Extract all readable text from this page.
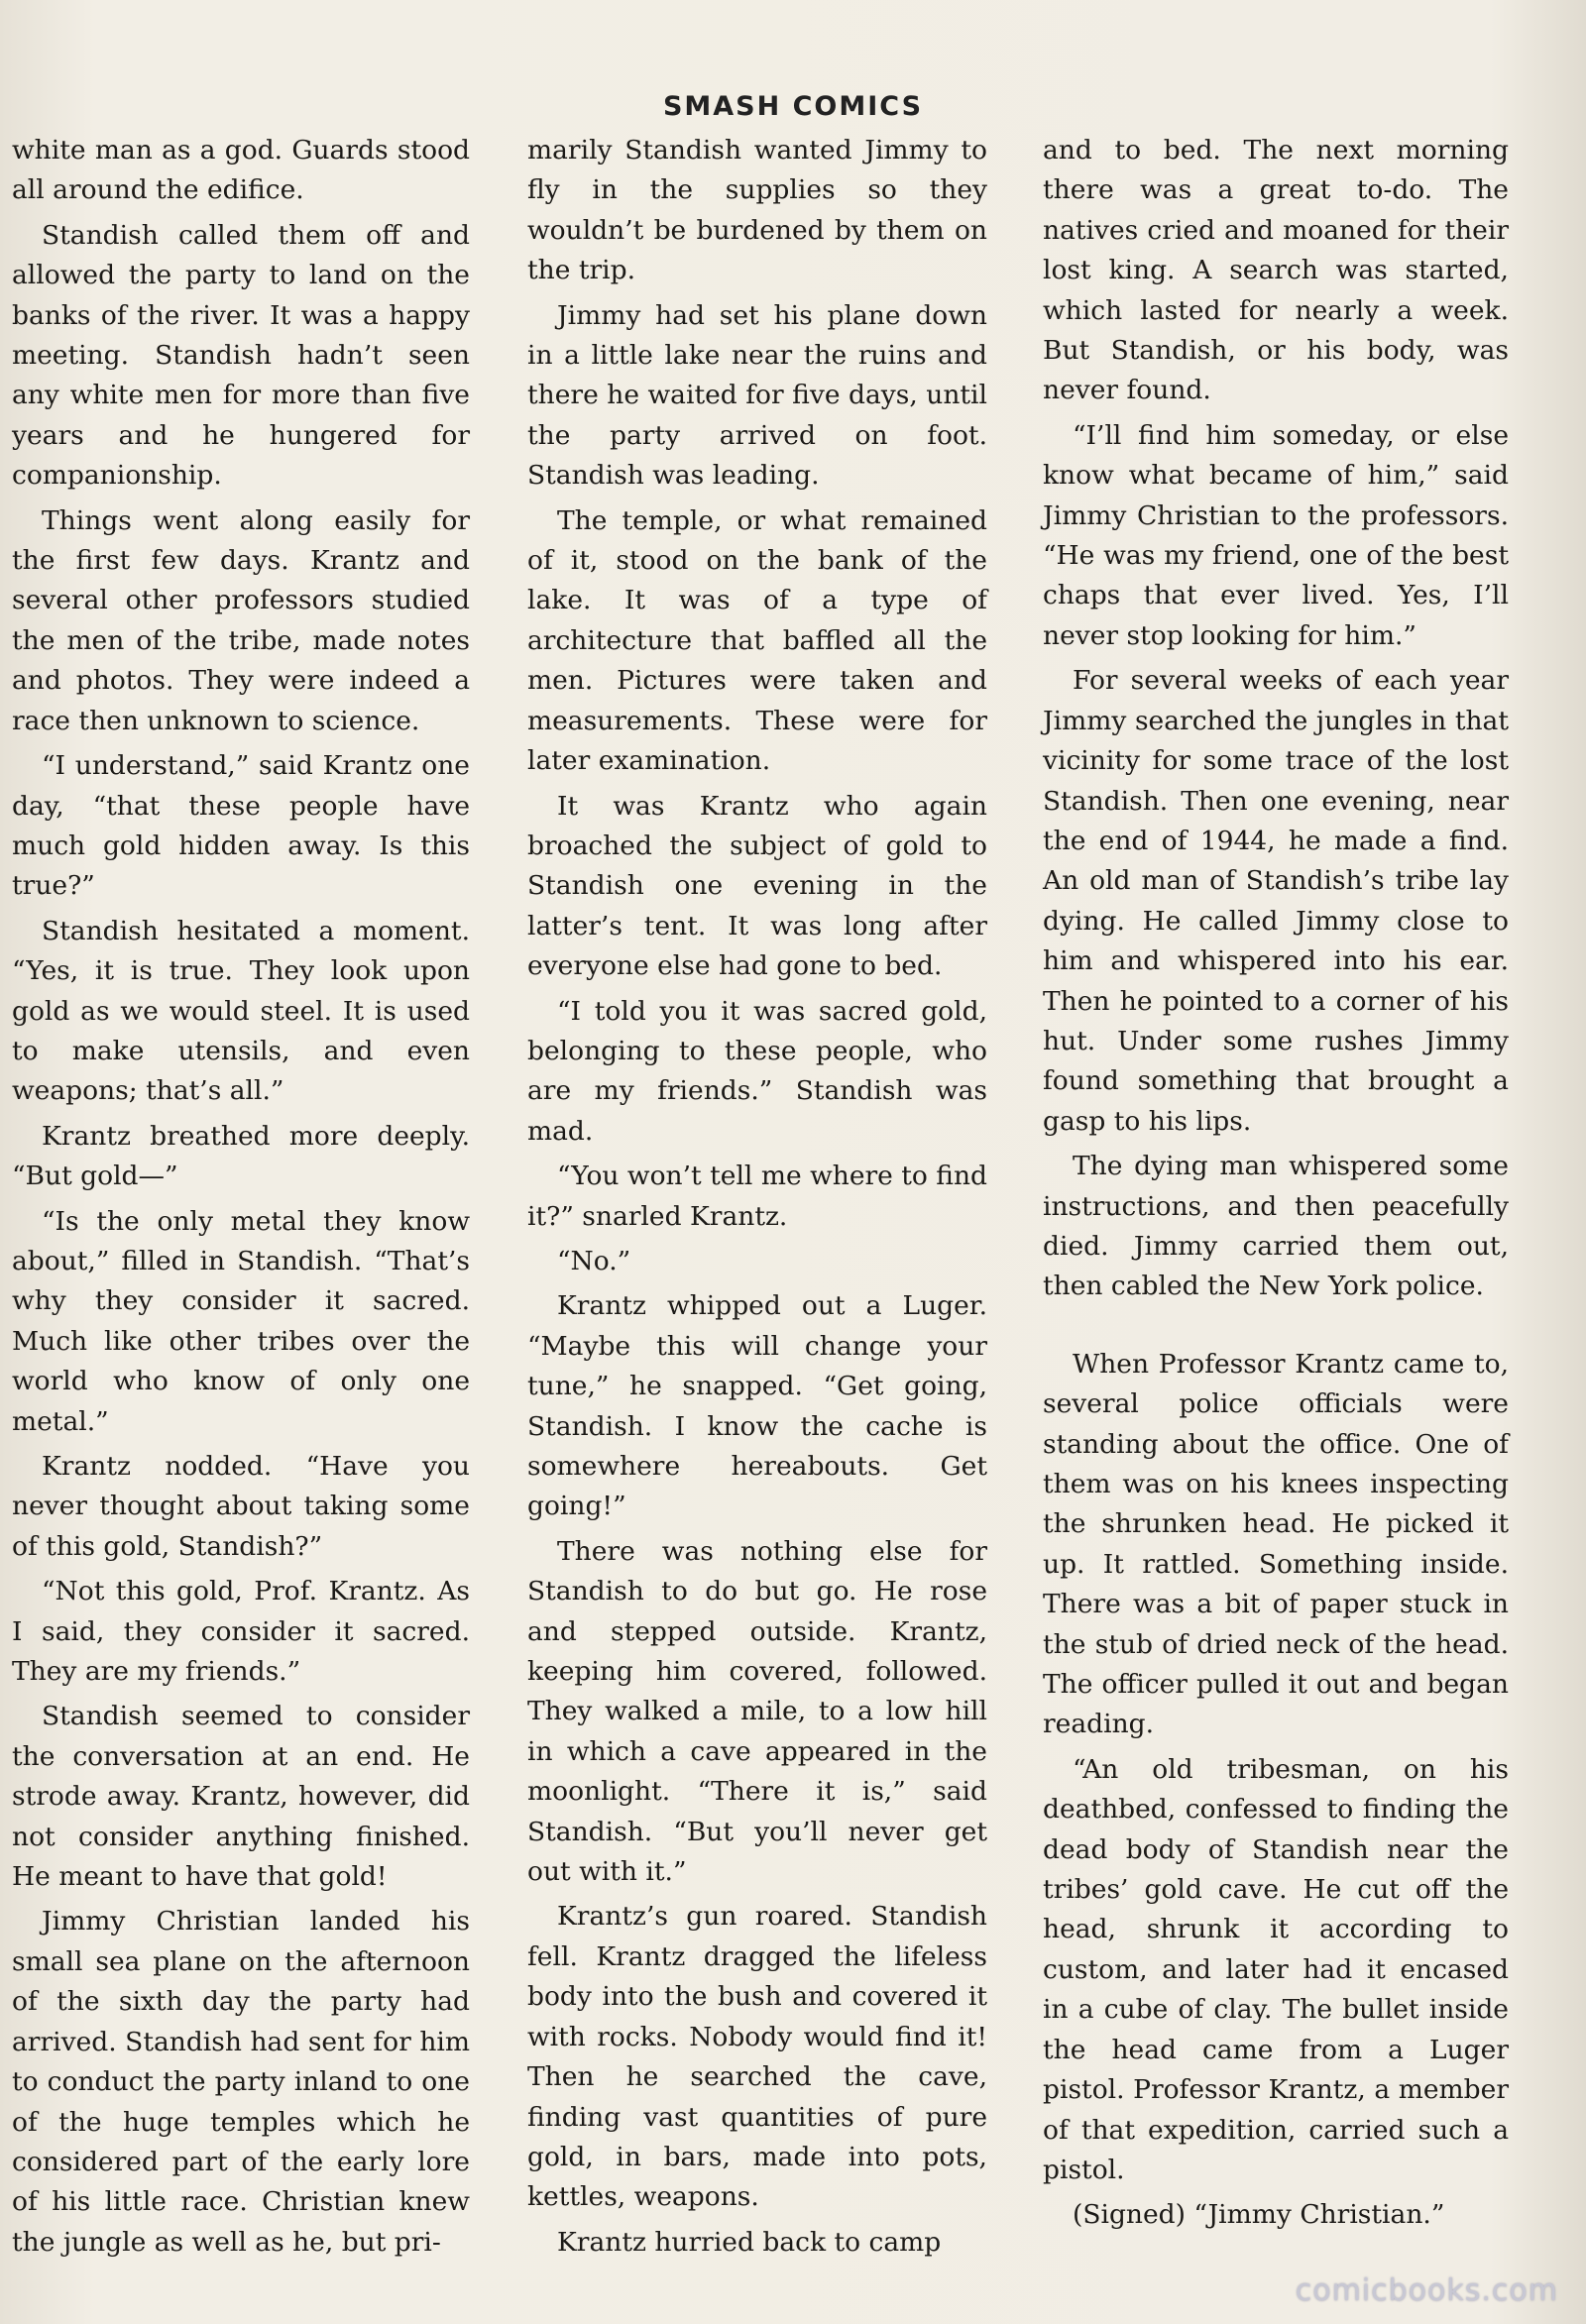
SMASH COMICS

white man as a god. Guards stood all around the edifice.

Standish called them off and allowed the party to land on the banks of the river. It was a happy meeting. Standish hadn’t seen any white men for more than five years and he hungered for companionship.

Things went along easily for the first few days. Krantz and several other professors studied the men of the tribe, made notes and photos. They were indeed a race then unknown to science.

“I understand,” said Krantz one day, “that these people have much gold hidden away. Is this true?”

Standish hesitated a moment. “Yes, it is true. They look upon gold as we would steel. It is used to make utensils, and even weapons; that’s all.”

Krantz breathed more deeply. “But gold—”

“Is the only metal they know about,” filled in Standish. “That’s why they consider it sacred. Much like other tribes over the world who know of only one metal.”

Krantz nodded. “Have you never thought about taking some of this gold, Standish?”

“Not this gold, Prof. Krantz. As I said, they consider it sacred. They are my friends.”

Standish seemed to consider the conversation at an end. He strode away. Krantz, however, did not consider anything finished. He meant to have that gold!

Jimmy Christian landed his small sea plane on the afternoon of the sixth day the party had arrived. Standish had sent for him to conduct the party inland to one of the huge temples which he considered part of the early lore of his little race. Christian knew the jungle as well as he, but pri-

marily Standish wanted Jimmy to fly in the supplies so they wouldn’t be burdened by them on the trip.

Jimmy had set his plane down in a little lake near the ruins and there he waited for five days, until the party arrived on foot. Standish was leading.

The temple, or what remained of it, stood on the bank of the lake. It was of a type of architecture that baffled all the men. Pictures were taken and measurements. These were for later examination.

It was Krantz who again broached the subject of gold to Standish one evening in the latter’s tent. It was long after everyone else had gone to bed.

“I told you it was sacred gold, belonging to these people, who are my friends.” Standish was mad.

“You won’t tell me where to find it?” snarled Krantz.

“No.”

Krantz whipped out a Luger. “Maybe this will change your tune,” he snapped. “Get going, Standish. I know the cache is somewhere hereabouts. Get going!”

There was nothing else for Standish to do but go. He rose and stepped outside. Krantz, keeping him covered, followed. They walked a mile, to a low hill in which a cave appeared in the moonlight. “There it is,” said Standish. “But you’ll never get out with it.”

Krantz’s gun roared. Standish fell. Krantz dragged the lifeless body into the bush and covered it with rocks. Nobody would find it! Then he searched the cave, finding vast quantities of pure gold, in bars, made into pots, kettles, weapons.

Krantz hurried back to camp

and to bed. The next morning there was a great to-do. The natives cried and moaned for their lost king. A search was started, which lasted for nearly a week. But Standish, or his body, was never found.

“I’ll find him someday, or else know what became of him,” said Jimmy Christian to the professors. “He was my friend, one of the best chaps that ever lived. Yes, I’ll never stop looking for him.”

For several weeks of each year Jimmy searched the jungles in that vicinity for some trace of the lost Standish. Then one evening, near the end of 1944, he made a find. An old man of Standish’s tribe lay dying. He called Jimmy close to him and whispered into his ear. Then he pointed to a corner of his hut. Under some rushes Jimmy found something that brought a gasp to his lips.

The dying man whispered some instructions, and then peacefully died. Jimmy carried them out, then cabled the New York police.

When Professor Krantz came to, several police officials were standing about the office. One of them was on his knees inspecting the shrunken head. He picked it up. It rattled. Something inside. There was a bit of paper stuck in the stub of dried neck of the head. The officer pulled it out and began reading.

“An old tribesman, on his deathbed, confessed to finding the dead body of Standish near the tribes’ gold cave. He cut off the head, shrunk it according to custom, and later had it encased in a cube of clay. The bullet inside the head came from a Luger pistol. Professor Krantz, a member of that expedition, carried such a pistol.

(Signed) “Jimmy Christian.”

comicbooks.com
